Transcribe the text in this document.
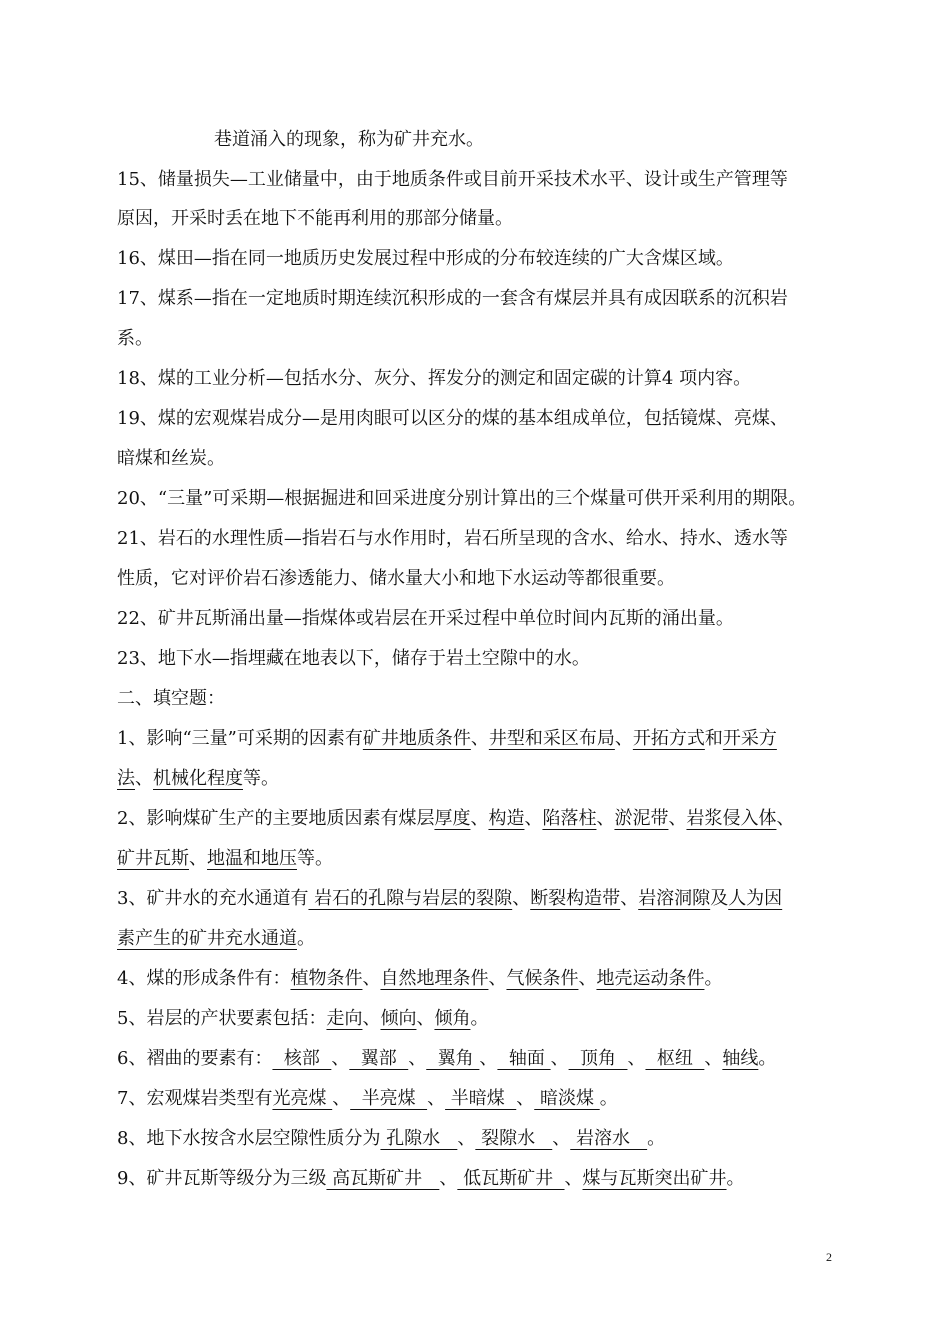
巷道涌入的现象，称为矿井充水。
15、储量损失—工业储量中，由于地质条件或目前开采技术水平、设计或生产管理等
原因，开采时丢在地下不能再利用的那部分储量。
16、煤田—指在同一地质历史发展过程中形成的分布较连续的广大含煤区域。
17、煤系—指在一定地质时期连续沉积形成的一套含有煤层并具有成因联系的沉积岩
系。
18、煤的工业分析—包括水分、灰分、挥发分的测定和固定碳的计算4 项内容。
19、煤的宏观煤岩成分—是用肉眼可以区分的煤的基本组成单位，包括镜煤、亮煤、
暗煤和丝炭。
20、“三量”可采期—根据掘进和回采进度分别计算出的三个煤量可供开采利用的期限。
21、岩石的水理性质—指岩石与水作用时，岩石所呈现的含水、给水、持水、透水等
性质，它对评价岩石渗透能力、储水量大小和地下水运动等都很重要。
22、矿井瓦斯涌出量—指煤体或岩层在开采过程中单位时间内瓦斯的涌出量。
23、地下水—指埋藏在地表以下，储存于岩土空隙中的水。
二、填空题：
1、影响“三量”可采期的因素有矿井地质条件、井型和采区布局、开拓方式和开采方
法、机械化程度等。
2、影响煤矿生产的主要地质因素有煤层厚度、构造、陷落柱、淤泥带、岩浆侵入体、
矿井瓦斯、地温和地压等。
3、矿井水的充水通道有 岩石的孔隙与岩层的裂隙、断裂构造带、岩溶洞隙及人为因
素产生的矿井充水通道。
4、煤的形成条件有：植物条件、自然地理条件、气候条件、地壳运动条件。
5、岩层的产状要素包括：走向、倾向、倾角。
6、褶曲的要素有：  核部  、  翼部  、  翼角 、  轴面 、  顶角  、  枢纽  、轴线。
7、宏观煤岩类型有光亮煤 、  半亮煤  、 半暗煤  、 暗淡煤 。
8、地下水按含水层空隙性质分为 孔隙水   、 裂隙水   、 岩溶水   。
9、矿井瓦斯等级分为三级 高瓦斯矿井   、 低瓦斯矿井  、煤与瓦斯突出矿井。
2
